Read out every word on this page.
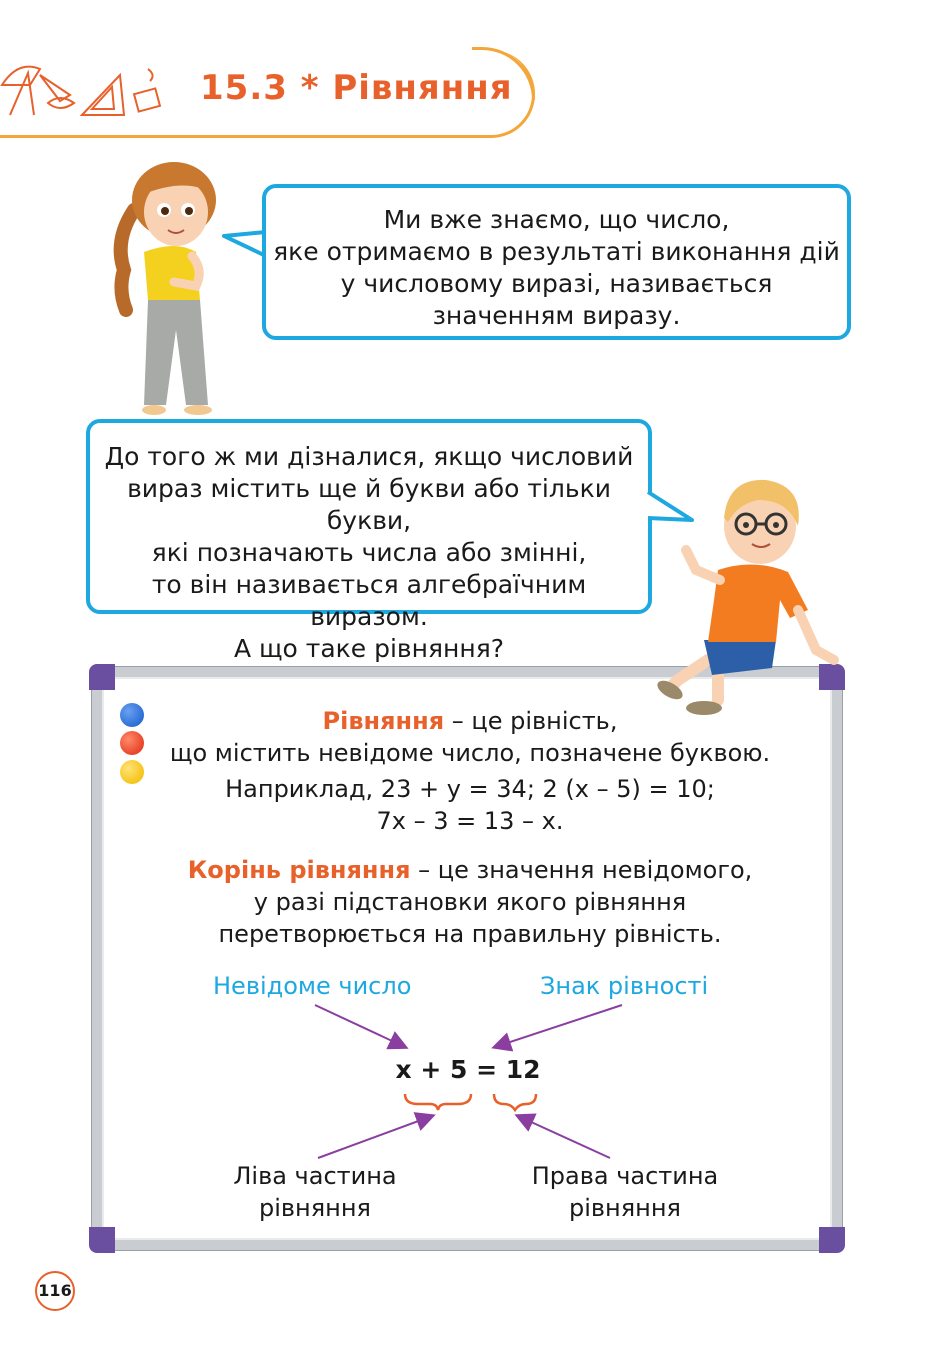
15.3 * Рівняння
Ми вже знаємо, що число,
яке отримаємо в результаті виконання дій
у числовому виразі, називається
значенням виразу.
До того ж ми дізналися, якщо числовий
вираз містить ще й букви або тільки букви,
які позначають числа або змінні,
то він називається алгебраїчним виразом.
А що таке рівняння?
Рівняння – це рівність,
що містить невідоме число, позначене буквою.
Наприклад, 23 + у = 34; 2 (х – 5) = 10;
7х – 3 = 13 – х.
Корінь рівняння – це значення невідомого,
у разі підстановки якого рівняння
перетворюється на правильну рівність.
Невідоме число	Знак рівності
х + 5 = 12
Ліва частина
рівняння
Права частина
рівняння
116
